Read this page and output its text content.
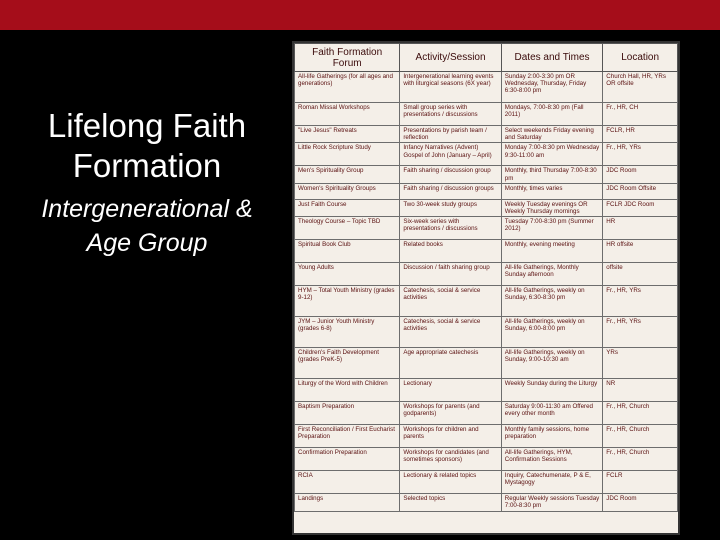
Lifelong Faith
Formation
Intergenerational &
Age Group
Faith Formation Forum	Activity/Session	Dates and Times	Location
All-life Gatherings (for all ages and generations)	Intergenerational learning events with liturgical seasons (6X year)	Sunday 2:00-3:30 pm OR Wednesday, Thursday, Friday 6:30-8:00 pm	Church Hall, HR, YRs OR offsite
Roman Missal Workshops	Small group series with presentations / discussions	Mondays, 7:00-8:30 pm (Fall 2011)	Fr., HR, CH
"Live Jesus" Retreats	Presentations by parish team / reflection	Select weekends Friday evening and Saturday	FCLR, HR
Little Rock Scripture Study	Infancy Narratives (Advent) Gospel of John (January – April)	Monday 7:00-8:30 pm Wednesday 9:30-11:00 am	Fr., HR, YRs
Men's Spirituality Group	Faith sharing / discussion group	Monthly, third Thursday 7:00-8:30 pm	JDC Room
Women's Spirituality Groups	Faith sharing / discussion groups	Monthly, times varies	JDC Room Offsite
Just Faith Course	Two 30-week study groups	Weekly Tuesday evenings OR Weekly Thursday mornings	FCLR JDC Room
Theology Course – Topic TBD	Six-week series with presentations / discussions	Tuesday 7:00-8:30 pm (Summer 2012)	HR
Spiritual Book Club	Related books	Monthly, evening meeting	HR offsite
Young Adults	Discussion / faith sharing group	All-life Gatherings, Monthly Sunday afternoon	offsite
HYM – Total Youth Ministry (grades 9-12)	Catechesis, social & service activities	All-life Gatherings, weekly on Sunday, 6:30-8:30 pm	Fr., HR, YRs
JYM – Junior Youth Ministry (grades 6-8)	Catechesis, social & service activities	All-life Gatherings, weekly on Sunday, 6:00-8:00 pm	Fr., HR, YRs
Children's Faith Development (grades PreK-5)	Age appropriate catechesis	All-life Gatherings, weekly on Sunday, 9:00-10:30 am	YRs
Liturgy of the Word with Children	Lectionary	Weekly Sunday during the Liturgy	NR
Baptism Preparation	Workshops for parents (and godparents)	Saturday 9:00-11:30 am Offered every other month	Fr., HR, Church
First Reconciliation / First Eucharist Preparation	Workshops for children and parents	Monthly family sessions, home preparation	Fr., HR, Church
Confirmation Preparation	Workshops for candidates (and sometimes sponsors)	All-life Gatherings, HYM, Confirmation Sessions	Fr., HR, Church
RCIA	Lectionary & related topics	Inquiry, Catechumenate, P & E, Mystagogy	FCLR
Landings	Selected topics	Regular Weekly sessions Tuesday 7:00-8:30 pm	JDC Room
